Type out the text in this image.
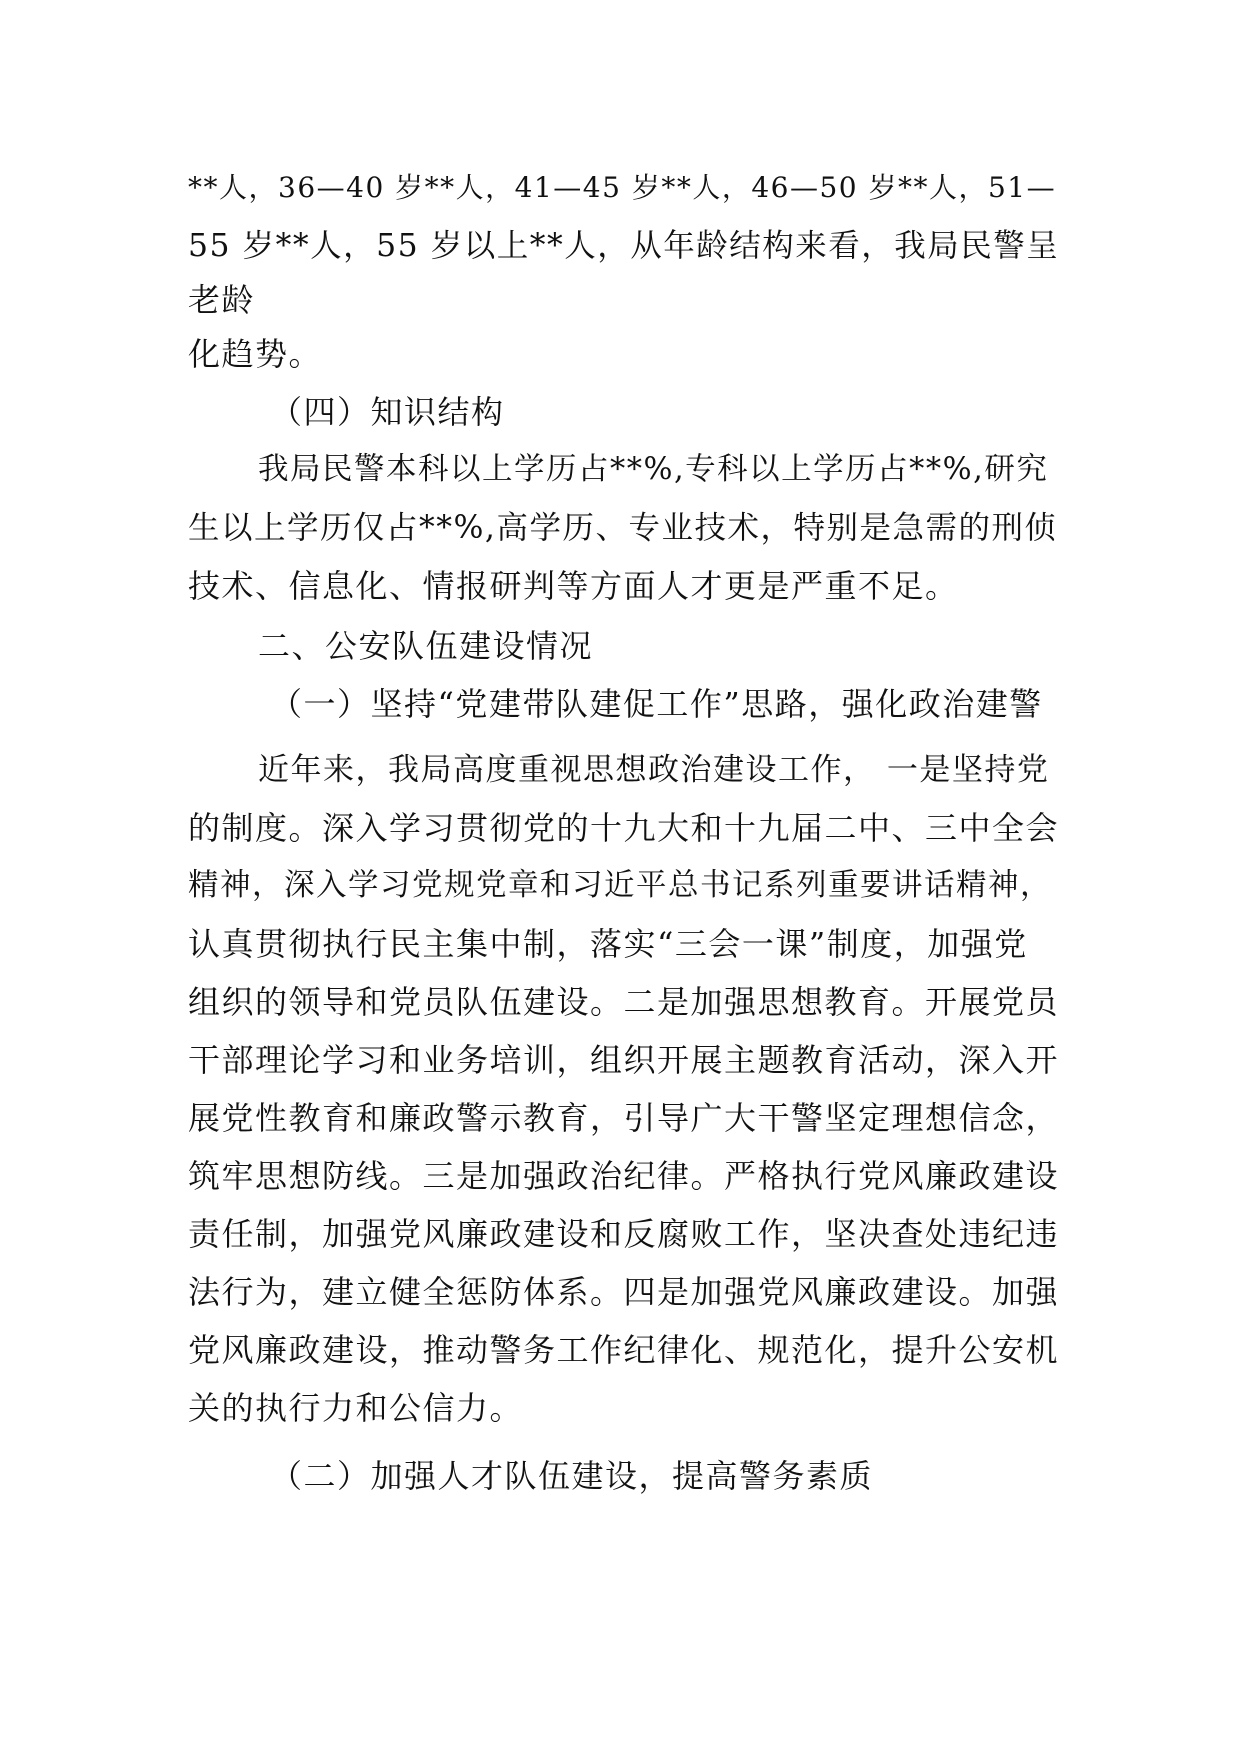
**人，36—40 岁**人，41—45 岁**人，46—50 岁**人，51—
55 岁**人，55 岁以上**人，从年龄结构来看，我局民警呈
老龄
化趋势。
（四）知识结构
我局民警本科以上学历占**%,专科以上学历占**%,研究
生以上学历仅占**%,高学历、专业技术，特别是急需的刑侦
技术、信息化、情报研判等方面人才更是严重不足。
二、公安队伍建设情况
（一）坚持“党建带队建促工作”思路，强化政治建警
近年来，我局高度重视思想政治建设工作， 一是坚持党
的制度。深入学习贯彻党的十九大和十九届二中、三中全会
精神，深入学习党规党章和习近平总书记系列重要讲话精神，
认真贯彻执行民主集中制，落实“三会一课”制度，加强党
组织的领导和党员队伍建设。二是加强思想教育。开展党员
干部理论学习和业务培训，组织开展主题教育活动，深入开
展党性教育和廉政警示教育，引导广大干警坚定理想信念，
筑牢思想防线。三是加强政治纪律。严格执行党风廉政建设
责任制，加强党风廉政建设和反腐败工作，坚决查处违纪违
法行为，建立健全惩防体系。四是加强党风廉政建设。加强
党风廉政建设，推动警务工作纪律化、规范化，提升公安机
关的执行力和公信力。
（二）加强人才队伍建设，提高警务素质
